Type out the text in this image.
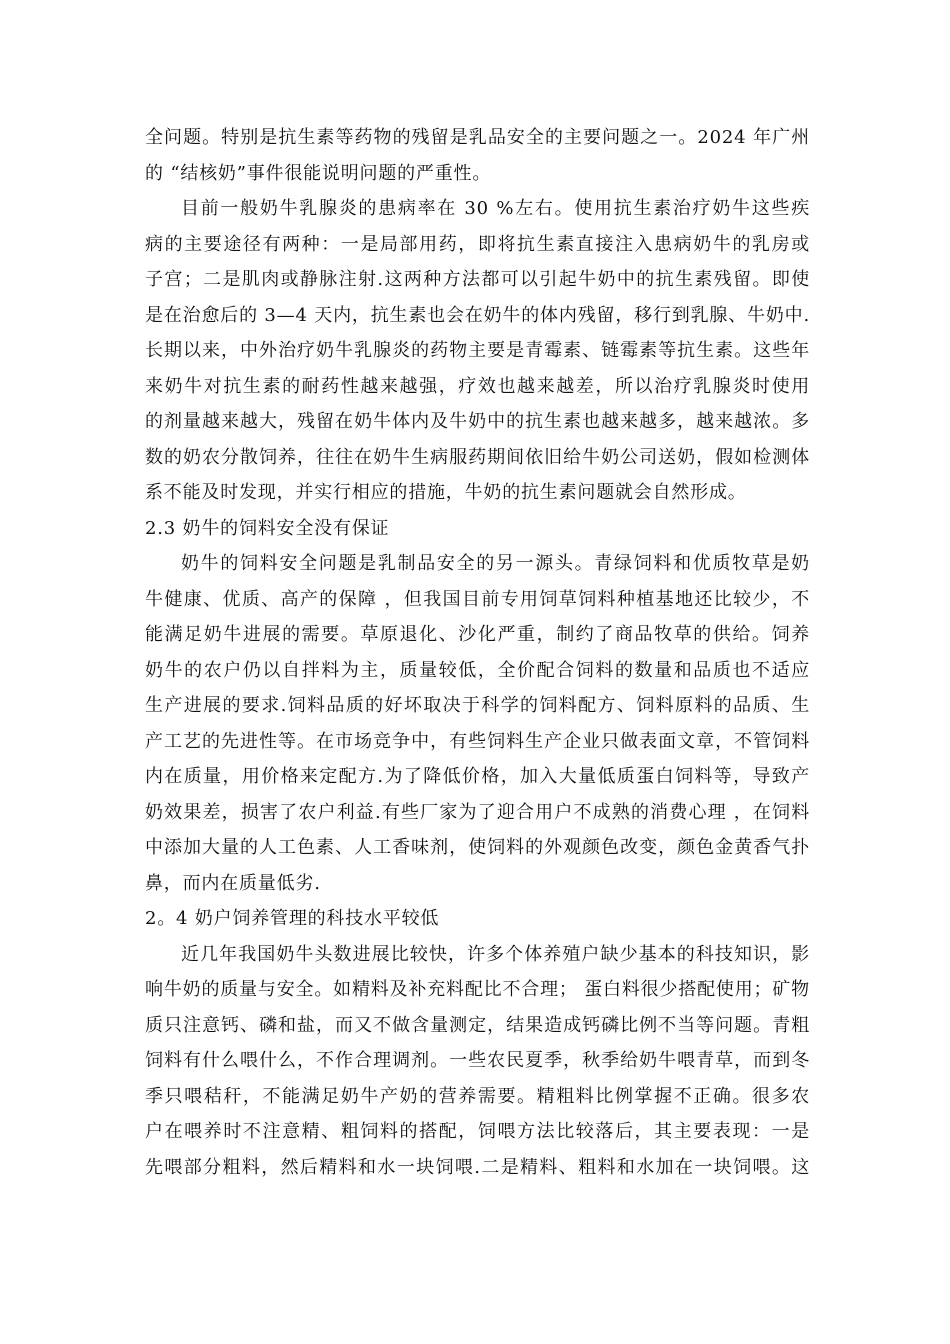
全问题。特别是抗生素等药物的残留是乳品安全的主要问题之一。2024 年广州
的 “结核奶”事件很能说明问题的严重性。
目前一般奶牛乳腺炎的患病率在 30 %左右。使用抗生素治疗奶牛这些疾
病的主要途径有两种：一是局部用药，即将抗生素直接注入患病奶牛的乳房或
子宫；二是肌肉或静脉注射.这两种方法都可以引起牛奶中的抗生素残留。即使
是在治愈后的 3—4 天内，抗生素也会在奶牛的体内残留，移行到乳腺、牛奶中.
长期以来，中外治疗奶牛乳腺炎的药物主要是青霉素、链霉素等抗生素。这些年
来奶牛对抗生素的耐药性越来越强，疗效也越来越差，所以治疗乳腺炎时使用
的剂量越来越大，残留在奶牛体内及牛奶中的抗生素也越来越多，越来越浓。多
数的奶农分散饲养，往往在奶牛生病服药期间依旧给牛奶公司送奶，假如检测体
系不能及时发现，并实行相应的措施，牛奶的抗生素问题就会自然形成。
2.3 奶牛的饲料安全没有保证
奶牛的饲料安全问题是乳制品安全的另一源头。青绿饲料和优质牧草是奶
牛健康、优质、高产的保障 ，但我国目前专用饲草饲料种植基地还比较少，不
能满足奶牛进展的需要。草原退化、沙化严重，制约了商品牧草的供给。饲养
奶牛的农户仍以自拌料为主，质量较低，全价配合饲料的数量和品质也不适应
生产进展的要求.饲料品质的好坏取决于科学的饲料配方、饲料原料的品质、生
产工艺的先进性等。在市场竞争中，有些饲料生产企业只做表面文章，不管饲料
内在质量，用价格来定配方.为了降低价格，加入大量低质蛋白饲料等，导致产
奶效果差，损害了农户利益.有些厂家为了迎合用户不成熟的消费心理 ，在饲料
中添加大量的人工色素、人工香味剂，使饲料的外观颜色改变，颜色金黄香气扑
鼻，而内在质量低劣.
2。4 奶户饲养管理的科技水平较低
近几年我国奶牛头数进展比较快，许多个体养殖户缺少基本的科技知识，影
响牛奶的质量与安全。如精料及补充料配比不合理； 蛋白料很少搭配使用；矿物
质只注意钙、磷和盐，而又不做含量测定，结果造成钙磷比例不当等问题。青粗
饲料有什么喂什么，不作合理调剂。一些农民夏季，秋季给奶牛喂青草，而到冬
季只喂秸秆，不能满足奶牛产奶的营养需要。精粗料比例掌握不正确。很多农
户在喂养时不注意精、粗饲料的搭配，饲喂方法比较落后，其主要表现：一是
先喂部分粗料，然后精料和水一块饲喂.二是精料、粗料和水加在一块饲喂。这
